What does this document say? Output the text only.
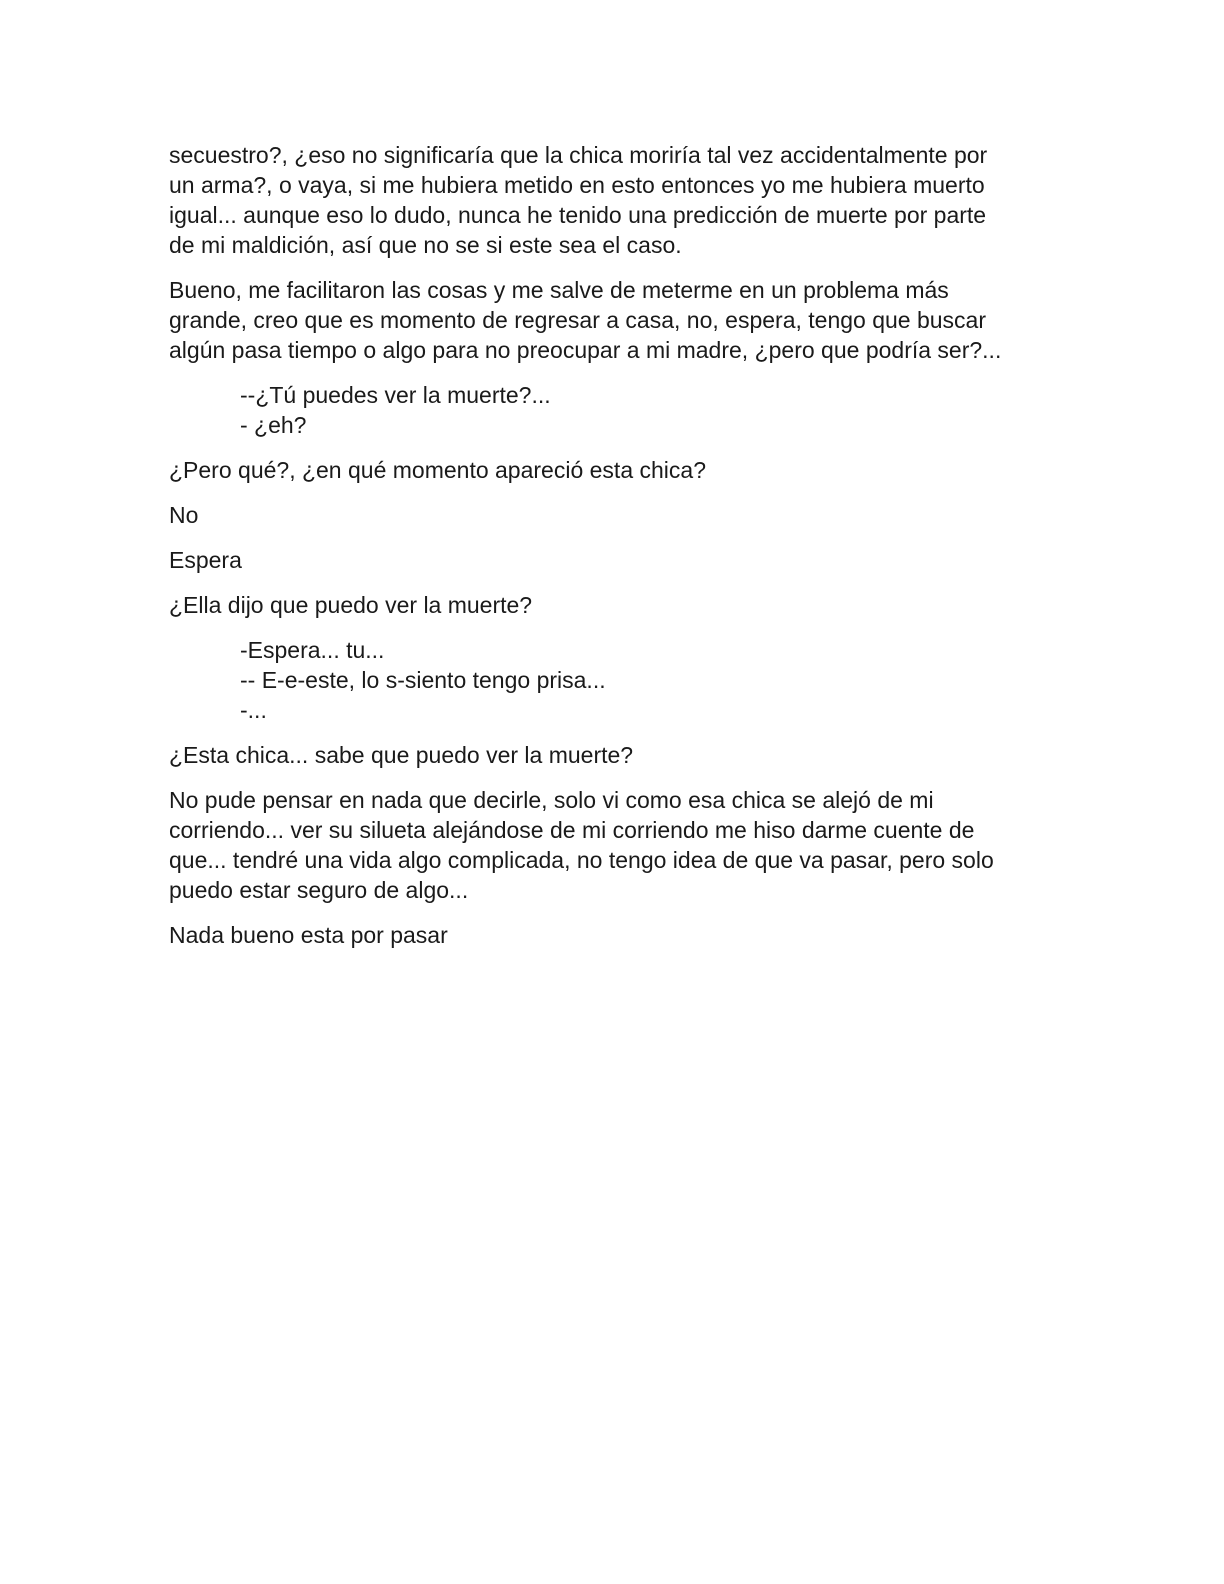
secuestro?, ¿eso no significaría que la chica moriría tal vez accidentalmente por
un arma?, o vaya, si me hubiera metido en esto entonces yo me hubiera muerto
igual... aunque eso lo dudo, nunca he tenido una predicción de muerte por parte
de mi maldición, así que no se si este sea el caso.

Bueno, me facilitaron las cosas y me salve de meterme en un problema más
grande, creo que es momento de regresar a casa, no, espera, tengo que buscar
algún pasa tiempo o algo para no preocupar a mi madre, ¿pero que podría ser?...

--¿Tú puedes ver la muerte?...
- ¿eh?

¿Pero qué?, ¿en qué momento apareció esta chica?

No

Espera

¿Ella dijo que puedo ver la muerte?

-Espera... tu...
-- E-e-este, lo s-siento tengo prisa...
-...

¿Esta chica... sabe que puedo ver la muerte?

No pude pensar en nada que decirle, solo vi como esa chica se alejó de mi
corriendo... ver su silueta alejándose de mi corriendo me hiso darme cuente de
que... tendré una vida algo complicada, no tengo idea de que va pasar, pero solo
puedo estar seguro de algo...

Nada bueno esta por pasar
